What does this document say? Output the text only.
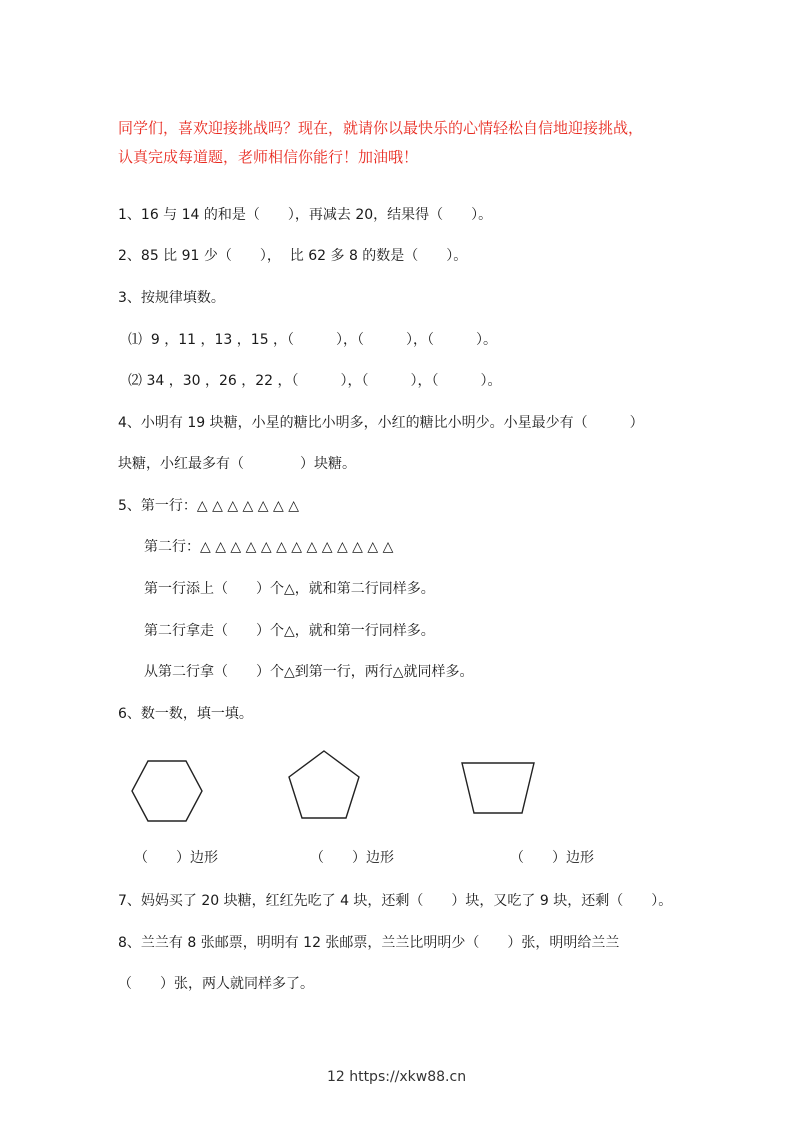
同学们，喜欢迎接挑战吗？现在，就请你以最快乐的心情轻松自信地迎接挑战，
认真完成每道题，老师相信你能行！加油哦！
1、16 与 14 的和是（　　），再减去 20，结果得（　　）。
2、85 比 91 少（　　），  比 62 多 8 的数是（　　）。
3、按规律填数。
⑴  9 ，11 ，13 ，15 ，（　　　），（　　　），（　　　）。
⑵ 34 ，30 ，26 ，22 ，（　　　），（　　　），（　　　）。
4、小明有 19 块糖，小星的糖比小明多，小红的糖比小明少。小星最少有（　　　）
块糖，小红最多有（　　　　）块糖。
5、第一行：△ △ △ △ △ △ △
第二行：△ △ △ △ △ △ △ △ △ △ △ △ △
第一行添上（　　）个△，就和第二行同样多。
第二行拿走（　　）个△，就和第一行同样多。
从第二行拿（　　）个△到第一行，两行△就同样多。
6、数一数，填一填。
（　　）边形	（　　）边形	（　　）边形
7、妈妈买了 20 块糖，红红先吃了 4 块，还剩（　　）块，又吃了 9 块，还剩（　　）。
8、兰兰有 8 张邮票，明明有 12 张邮票，兰兰比明明少（　　）张，明明给兰兰
（　　）张，两人就同样多了。
12 https://xkw88.cn
